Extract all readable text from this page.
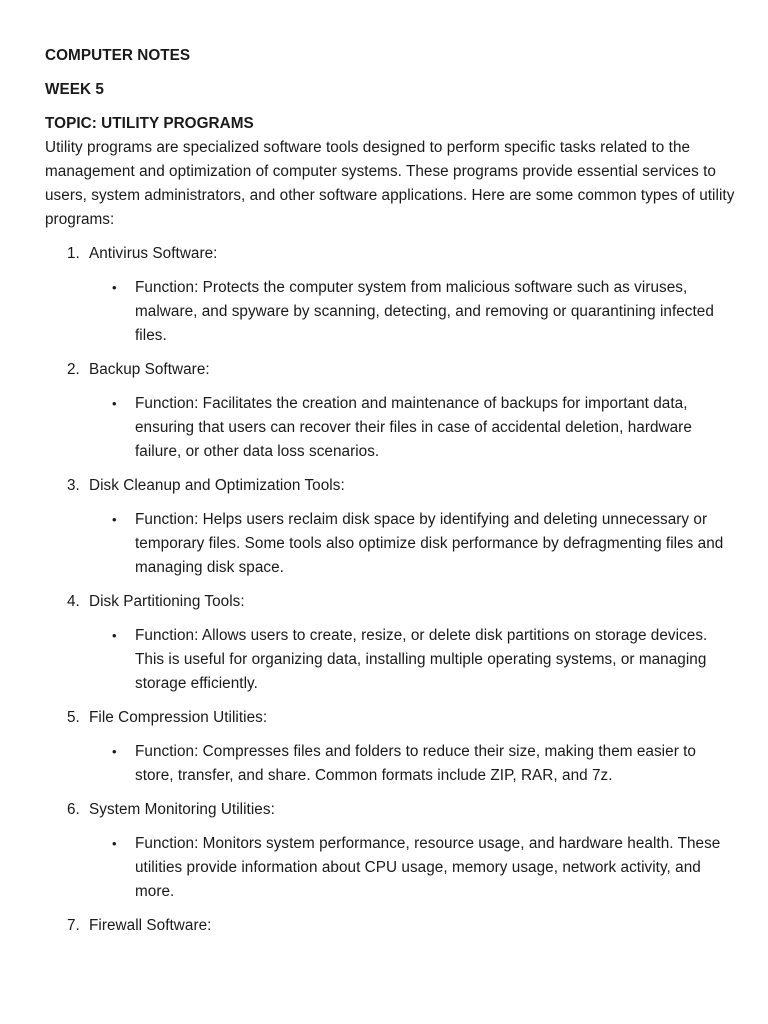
COMPUTER NOTES
WEEK 5
TOPIC: UTILITY PROGRAMS

Utility programs are specialized software tools designed to perform specific tasks related to the management and optimization of computer systems. These programs provide essential services to users, system administrators, and other software applications. Here are some common types of utility programs:

1. Antivirus Software:
• Function: Protects the computer system from malicious software such as viruses, malware, and spyware by scanning, detecting, and removing or quarantining infected files.
2. Backup Software:
• Function: Facilitates the creation and maintenance of backups for important data, ensuring that users can recover their files in case of accidental deletion, hardware failure, or other data loss scenarios.
3. Disk Cleanup and Optimization Tools:
• Function: Helps users reclaim disk space by identifying and deleting unnecessary or temporary files. Some tools also optimize disk performance by defragmenting files and managing disk space.
4. Disk Partitioning Tools:
• Function: Allows users to create, resize, or delete disk partitions on storage devices. This is useful for organizing data, installing multiple operating systems, or managing storage efficiently.
5. File Compression Utilities:
• Function: Compresses files and folders to reduce their size, making them easier to store, transfer, and share. Common formats include ZIP, RAR, and 7z.
6. System Monitoring Utilities:
• Function: Monitors system performance, resource usage, and hardware health. These utilities provide information about CPU usage, memory usage, network activity, and more.
7. Firewall Software:
